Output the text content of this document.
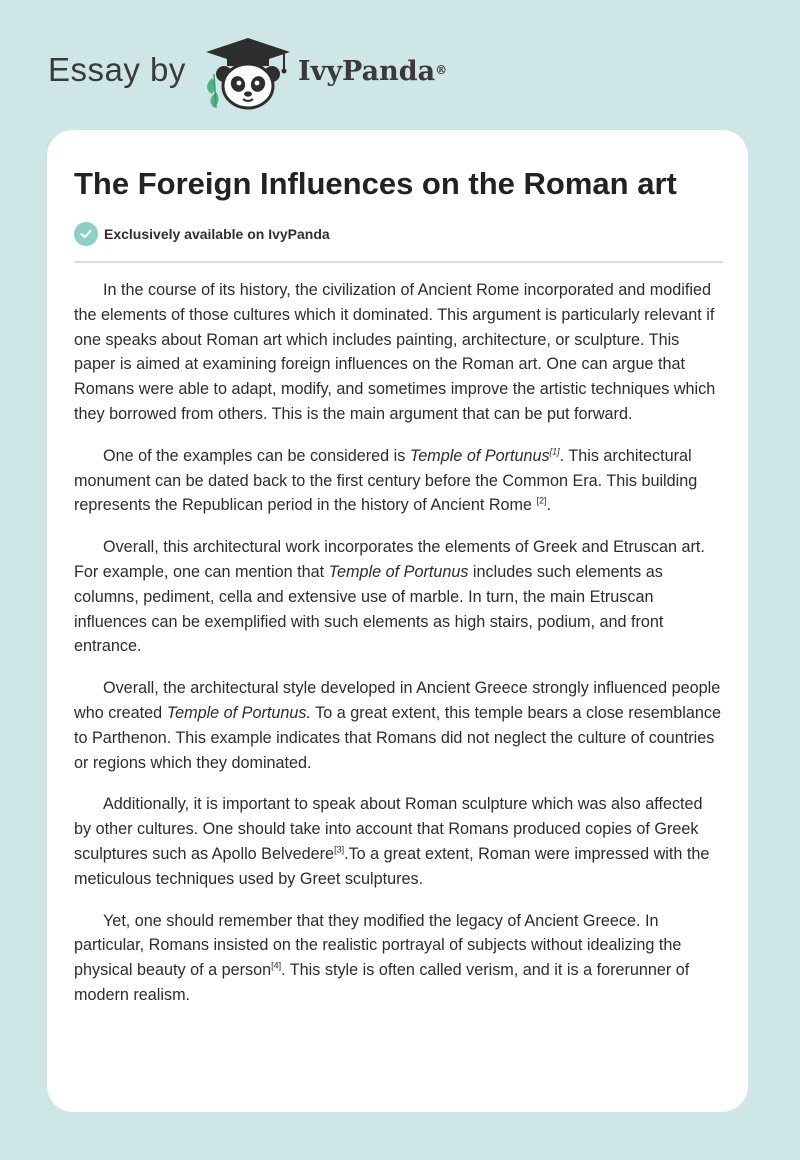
Essay by	IvyPanda®
The Foreign Influences on the Roman art
Exclusively available on IvyPanda

In the course of its history, the civilization of Ancient Rome incorporated and modified the elements of those cultures which it dominated. This argument is particularly relevant if one speaks about Roman art which includes painting, architecture, or sculpture. This paper is aimed at examining foreign influences on the Roman art. One can argue that Romans were able to adapt, modify, and sometimes improve the artistic techniques which they borrowed from others. This is the main argument that can be put forward.

One of the examples can be considered is Temple of Portunus[1]. This architectural monument can be dated back to the first century before the Common Era. This building represents the Republican period in the history of Ancient Rome [2].

Overall, this architectural work incorporates the elements of Greek and Etruscan art. For example, one can mention that Temple of Portunus includes such elements as columns, pediment, cella and extensive use of marble. In turn, the main Etruscan influences can be exemplified with such elements as high stairs, podium, and front entrance.

Overall, the architectural style developed in Ancient Greece strongly influenced people who created Temple of Portunus. To a great extent, this temple bears a close resemblance to Parthenon. This example indicates that Romans did not neglect the culture of countries or regions which they dominated.

Additionally, it is important to speak about Roman sculpture which was also affected by other cultures. One should take into account that Romans produced copies of Greek sculptures such as Apollo Belvedere[3].To a great extent, Roman were impressed with the meticulous techniques used by Greet sculptures.

Yet, one should remember that they modified the legacy of Ancient Greece. In particular, Romans insisted on the realistic portrayal of subjects without idealizing the physical beauty of a person[4]. This style is often called verism, and it is a forerunner of modern realism.
